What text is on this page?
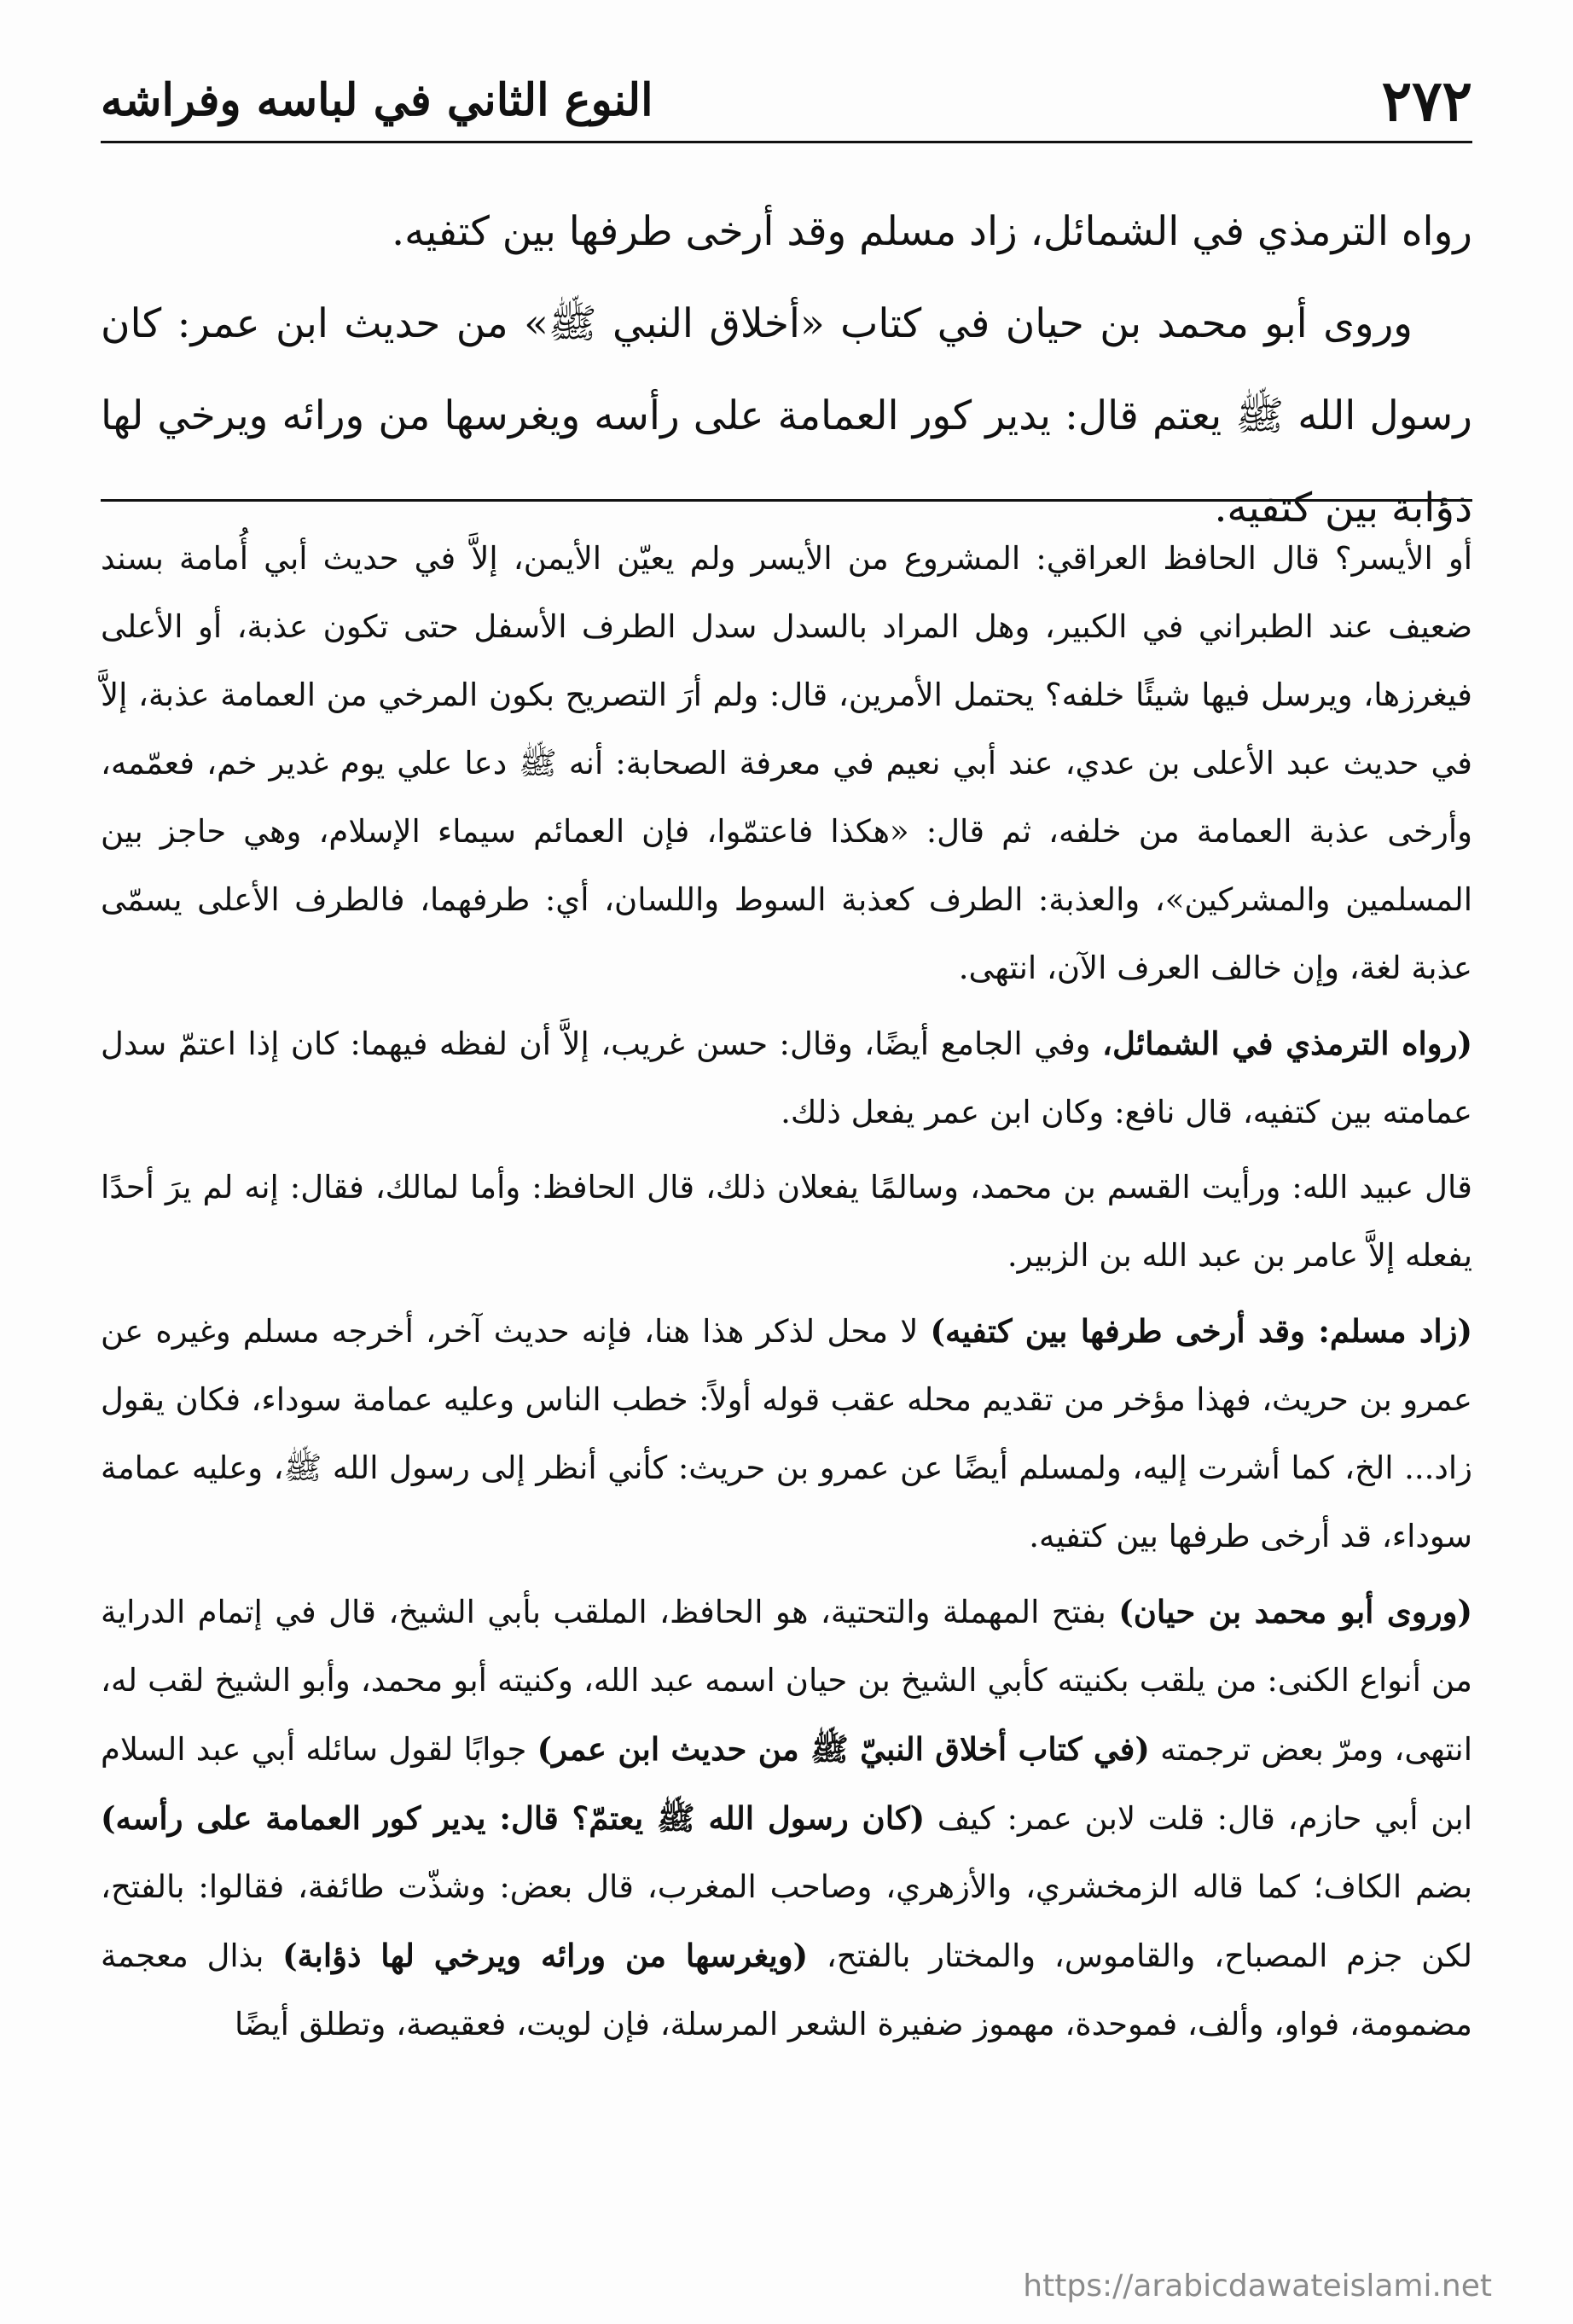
٢٧٢
النوع الثاني في لباسه وفراشه

رواه الترمذي في الشمائل، زاد مسلم وقد أرخى طرفها بين كتفيه.

وروى أبو محمد بن حيان في كتاب «أخلاق النبي ﷺ» من حديث ابن عمر: كان رسول الله ﷺ يعتم قال: يدير كور العمامة على رأسه ويغرسها من ورائه ويرخي لها ذؤابة بين كتفيه.

أو الأيسر؟ قال الحافظ العراقي: المشروع من الأيسر ولم يعيّن الأيمن، إلاَّ في حديث أبي أُمامة بسند ضعيف عند الطبراني في الكبير، وهل المراد بالسدل سدل الطرف الأسفل حتى تكون عذبة، أو الأعلى فيغرزها، ويرسل فيها شيئًا خلفه؟ يحتمل الأمرين، قال: ولم أرَ التصريح بكون المرخي من العمامة عذبة، إلاَّ في حديث عبد الأعلى بن عدي، عند أبي نعيم في معرفة الصحابة: أنه ﷺ دعا علي يوم غدير خم، فعمّمه، وأرخى عذبة العمامة من خلفه، ثم قال: «هكذا فاعتمّوا، فإن العمائم سيماء الإسلام، وهي حاجز بين المسلمين والمشركين»، والعذبة: الطرف كعذبة السوط واللسان، أي: طرفهما، فالطرف الأعلى يسمّى عذبة لغة، وإن خالف العرف الآن، انتهى.

(رواه الترمذي في الشمائل، وفي الجامع أيضًا، وقال: حسن غريب، إلاَّ أن لفظه فيهما: كان إذا اعتمّ سدل عمامته بين كتفيه، قال نافع: وكان ابن عمر يفعل ذلك.

قال عبيد الله: ورأيت القسم بن محمد، وسالمًا يفعلان ذلك، قال الحافظ: وأما لمالك، فقال: إنه لم يرَ أحدًا يفعله إلاَّ عامر بن عبد الله بن الزبير.

(زاد مسلم: وقد أرخى طرفها بين كتفيه) لا محل لذكر هذا هنا، فإنه حديث آخر، أخرجه مسلم وغيره عن عمرو بن حريث، فهذا مؤخر من تقديم محله عقب قوله أولاً: خطب الناس وعليه عمامة سوداء، فكان يقول زاد... الخ، كما أشرت إليه، ولمسلم أيضًا عن عمرو بن حريث: كأني أنظر إلى رسول الله ﷺ، وعليه عمامة سوداء، قد أرخى طرفها بين كتفيه.

(وروى أبو محمد بن حيان) بفتح المهملة والتحتية، هو الحافظ، الملقب بأبي الشيخ، قال في إتمام الدراية من أنواع الكنى: من يلقب بكنيته كأبي الشيخ بن حيان اسمه عبد الله، وكنيته أبو محمد، وأبو الشيخ لقب له، انتهى، ومرّ بعض ترجمته (في كتاب أخلاق النبيّ ﷺ من حديث ابن عمر) جوابًا لقول سائله أبي عبد السلام ابن أبي حازم، قال: قلت لابن عمر: كيف (كان رسول الله ﷺ يعتمّ؟ قال: يدير كور العمامة على رأسه) بضم الكاف؛ كما قاله الزمخشري، والأزهري، وصاحب المغرب، قال بعض: وشذّت طائفة، فقالوا: بالفتح، لكن جزم المصباح، والقاموس، والمختار بالفتح، (ويغرسها من ورائه ويرخي لها ذؤابة) بذال معجمة مضمومة، فواو، وألف، فموحدة، مهموز ضفيرة الشعر المرسلة، فإن لويت، فعقيصة، وتطلق أيضًا

https://arabicdawateislami.net
